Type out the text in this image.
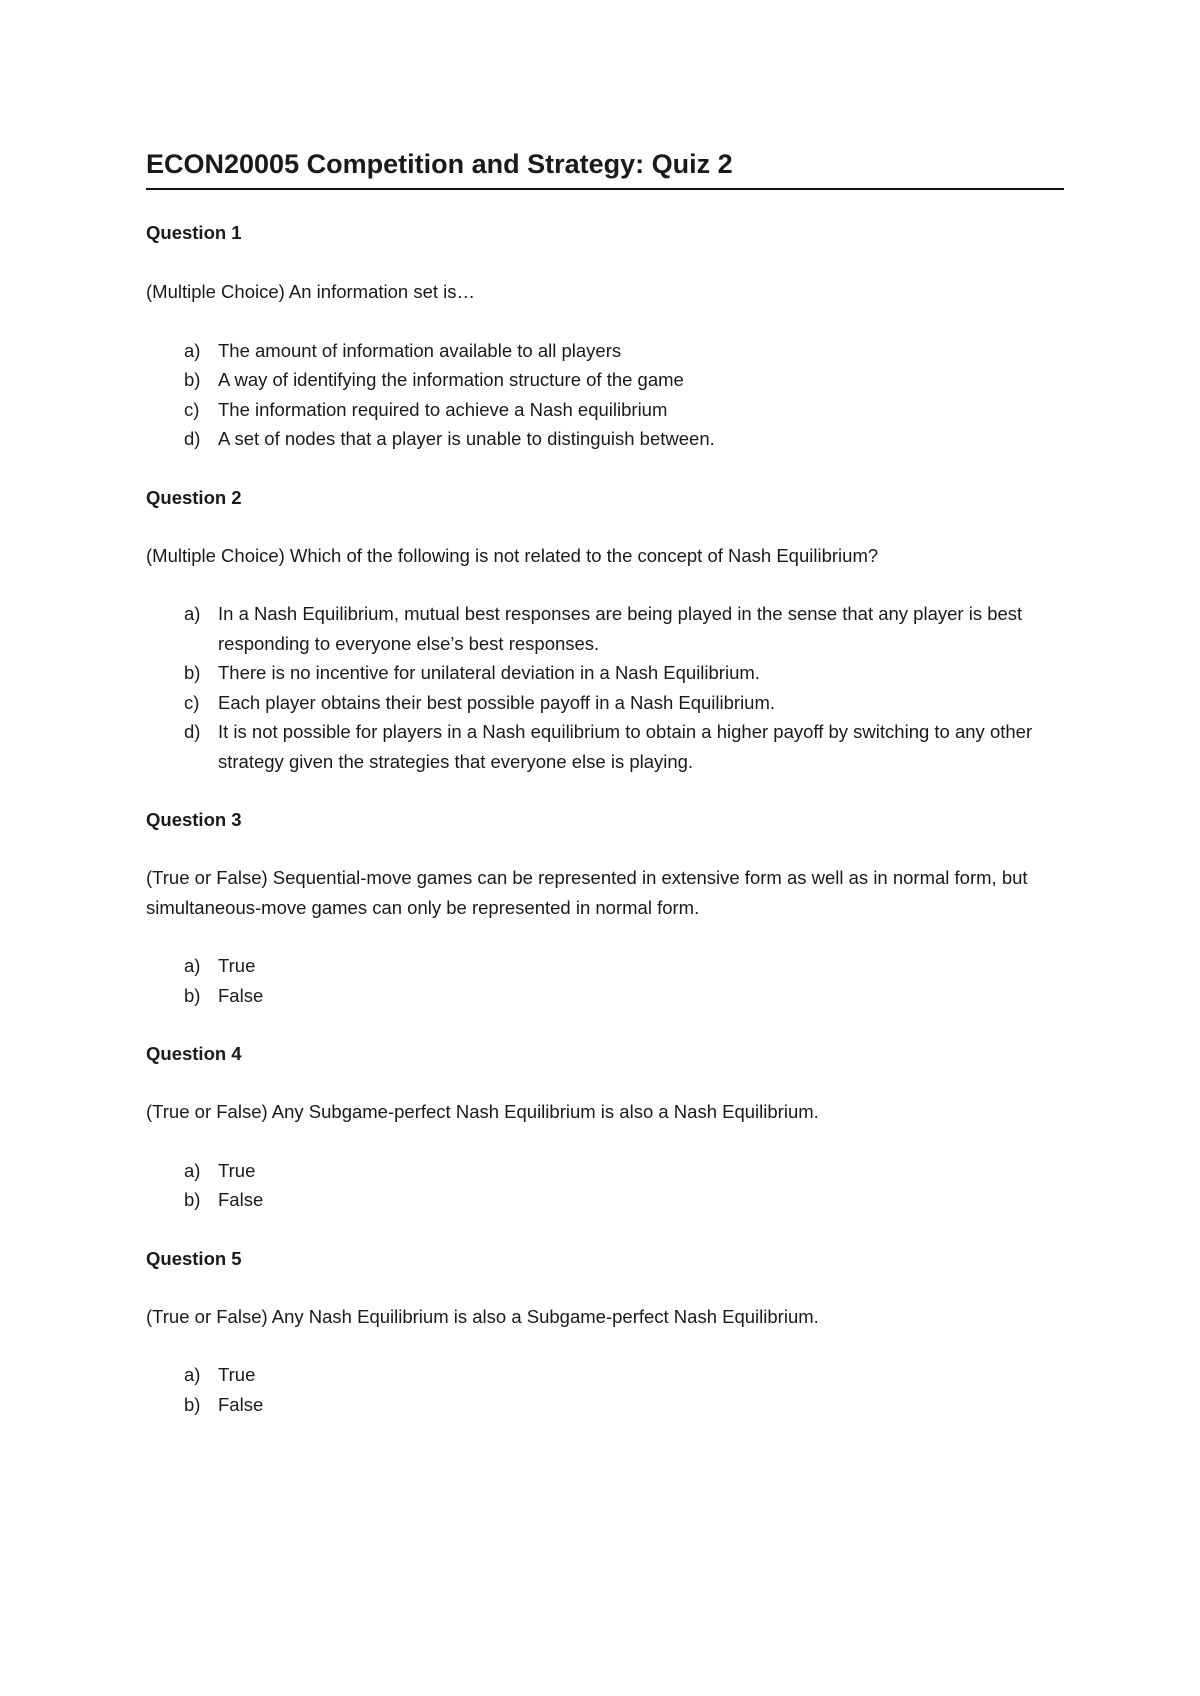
ECON20005 Competition and Strategy: Quiz 2

Question 1

(Multiple Choice) An information set is…

a) The amount of information available to all players
b) A way of identifying the information structure of the game
c)	The information required to achieve a Nash equilibrium
d) A set of nodes that a player is unable to distinguish between.

Question 2

(Multiple Choice) Which of the following is not related to the concept of Nash Equilibrium?

a) In a Nash Equilibrium, mutual best responses are being played in the sense that any player is best responding to everyone else’s best responses.
b) There is no incentive for unilateral deviation in a Nash Equilibrium.
c)	Each player obtains their best possible payoff in a Nash Equilibrium.
d) It is not possible for players in a Nash equilibrium to obtain a higher payoff by switching to any other strategy given the strategies that everyone else is playing.

Question 3

(True or False) Sequential-move games can be represented in extensive form as well as in normal form, but simultaneous-move games can only be represented in normal form.

a) True
b) False

Question 4

(True or False) Any Subgame-perfect Nash Equilibrium is also a Nash Equilibrium.

a) True
b) False

Question 5

(True or False) Any Nash Equilibrium is also a Subgame-perfect Nash Equilibrium.

a) True
b) False
